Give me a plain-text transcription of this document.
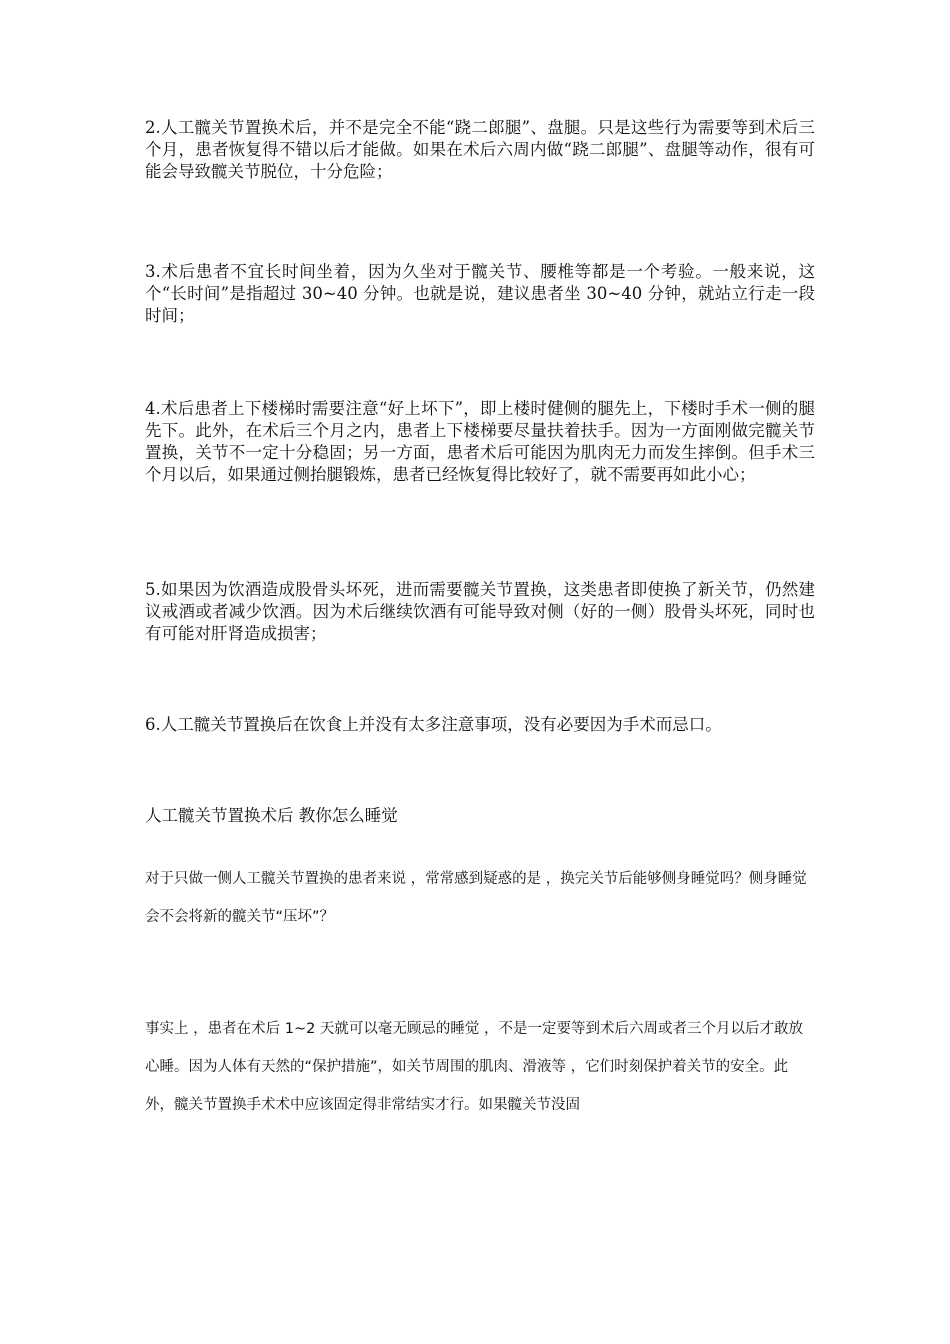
2.人工髋关节置换术后，并不是完全不能“跷二郎腿”、盘腿。只是这些行为需要等到术后三个月，患者恢复得不错以后才能做。如果在术后六周内做“跷二郎腿”、盘腿等动作，很有可能会导致髋关节脱位，十分危险；

3.术后患者不宜长时间坐着，因为久坐对于髋关节、腰椎等都是一个考验。一般来说，这个“长时间”是指超过 30~40 分钟。也就是说，建议患者坐 30~40 分钟，就站立行走一段时间；

4.术后患者上下楼梯时需要注意“好上坏下”，即上楼时健侧的腿先上，下楼时手术一侧的腿先下。此外，在术后三个月之内，患者上下楼梯要尽量扶着扶手。因为一方面刚做完髋关节置换，关节不一定十分稳固；另一方面，患者术后可能因为肌肉无力而发生摔倒。但手术三个月以后，如果通过侧抬腿锻炼，患者已经恢复得比较好了，就不需要再如此小心；

5.如果因为饮酒造成股骨头坏死，进而需要髋关节置换，这类患者即使换了新关节，仍然建议戒酒或者减少饮酒。因为术后继续饮酒有可能导致对侧（好的一侧）股骨头坏死，同时也有可能对肝肾造成损害；

6.人工髋关节置换后在饮食上并没有太多注意事项，没有必要因为手术而忌口。

人工髋关节置换术后 教你怎么睡觉

对于只做一侧人工髋关节置换的患者来说 ，常常感到疑惑的是 ，换完关节后能够侧身睡觉吗？侧身睡觉会不会将新的髋关节“压坏”？

事实上 ，患者在术后 1~2 天就可以毫无顾忌的睡觉 ，不是一定要等到术后六周或者三个月以后才敢放心睡。因为人体有天然的“保护措施”，如关节周围的肌肉、滑液等 ，它们时刻保护着关节的安全。此外，髋关节置换手术术中应该固定得非常结实才行。如果髋关节没固
